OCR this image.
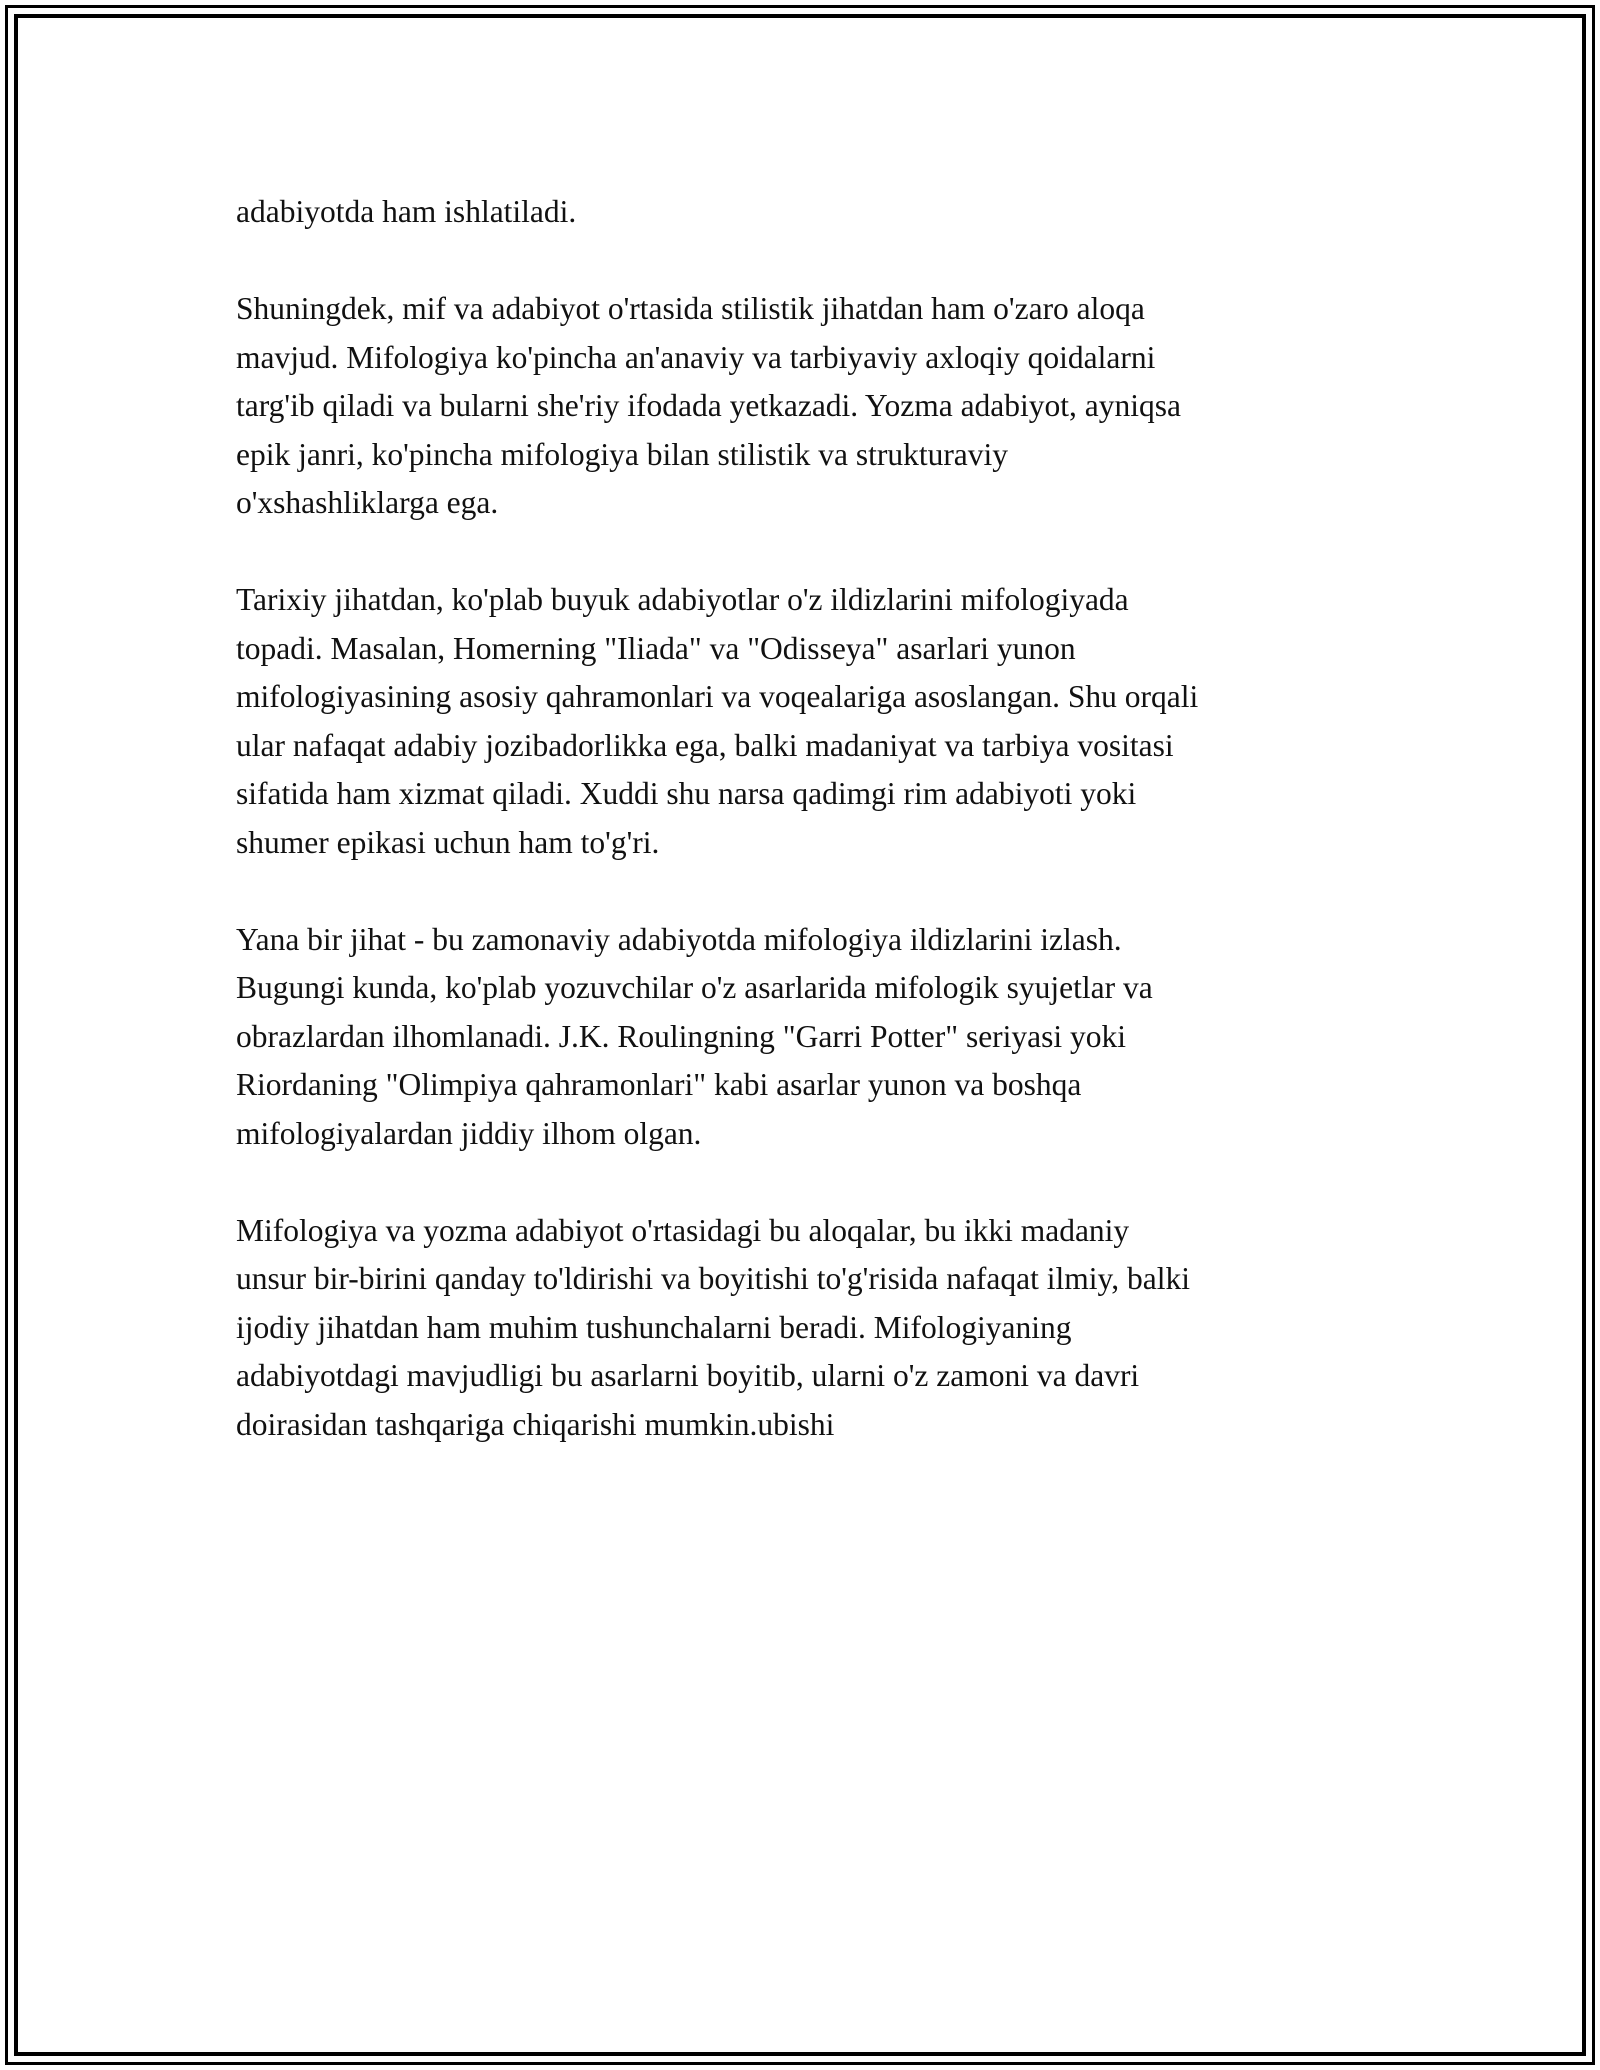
adabiyotda ham ishlatiladi.

Shuningdek, mif va adabiyot o'rtasida stilistik jihatdan ham o'zaro aloqa
mavjud. Mifologiya ko'pincha an'anaviy va tarbiyaviy axloqiy qoidalarni
targ'ib qiladi va bularni she'riy ifodada yetkazadi. Yozma adabiyot, ayniqsa
epik janri, ko'pincha mifologiya bilan stilistik va strukturaviy
o'xshashliklarga ega.

Tarixiy jihatdan, ko'plab buyuk adabiyotlar o'z ildizlarini mifologiyada
topadi. Masalan, Homerning "Iliada" va "Odisseya" asarlari yunon
mifologiyasining asosiy qahramonlari va voqealariga asoslangan. Shu orqali
ular nafaqat adabiy jozibadorlikka ega, balki madaniyat va tarbiya vositasi
sifatida ham xizmat qiladi. Xuddi shu narsa qadimgi rim adabiyoti yoki
shumer epikasi uchun ham to'g'ri.

Yana bir jihat - bu zamonaviy adabiyotda mifologiya ildizlarini izlash.
Bugungi kunda, ko'plab yozuvchilar o'z asarlarida mifologik syujetlar va
obrazlardan ilhomlanadi. J.K. Roulingning "Garri Potter" seriyasi yoki
Riordaning "Olimpiya qahramonlari" kabi asarlar yunon va boshqa
mifologiyalardan jiddiy ilhom olgan.

Mifologiya va yozma adabiyot o'rtasidagi bu aloqalar, bu ikki madaniy
unsur bir-birini qanday to'ldirishi va boyitishi to'g'risida nafaqat ilmiy, balki
ijodiy jihatdan ham muhim tushunchalarni beradi. Mifologiyaning
adabiyotdagi mavjudligi bu asarlarni boyitib, ularni o'z zamoni va davri
doirasidan tashqariga chiqarishi mumkin.ubishi
